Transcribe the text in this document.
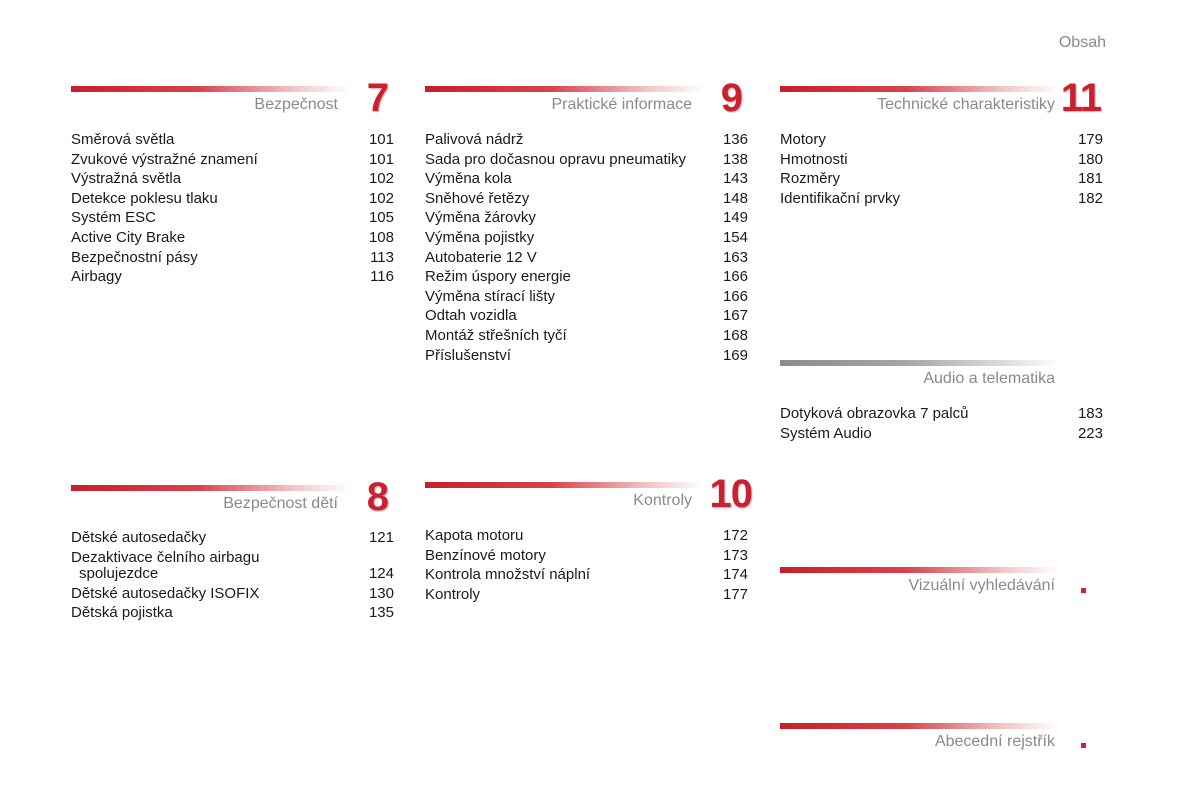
Obsah
Bezpečnost 7
Směrová světla	101
Zvukové výstražné znamení	101
Výstražná světla	102
Detekce poklesu tlaku	102
Systém ESC	105
Active City Brake	108
Bezpečnostní pásy	113
Airbagy	116
Praktické informace 9
Palivová nádrž	136
Sada pro dočasnou opravu pneumatiky 138
Výměna kola	143
Sněhové řetězy	148
Výměna žárovky	149
Výměna pojistky	154
Autobaterie 12 V	163
Režim úspory energie	166
Výměna stírací lišty	166
Odtah vozidla	167
Montáž střešních tyčí	168
Příslušenství	169
Technické charakteristiky 11
Motory	179
Hmotnosti	180
Rozměry	181
Identifikační prvky	182
Audio a telematika
Dotyková obrazovka 7 palců	183
Systém Audio	223
Bezpečnost dětí 8
Dětské autosedačky	121
Dezaktivace čelního airbagu
spolujezdce	124
Dětské autosedačky ISOFIX	130
Dětská pojistka	135
Kontroly 10
Kapota motoru	172
Benzínové motory	173
Kontrola množství náplní	174
Kontroly	177
Vizuální vyhledávání
Abecední rejstřík
